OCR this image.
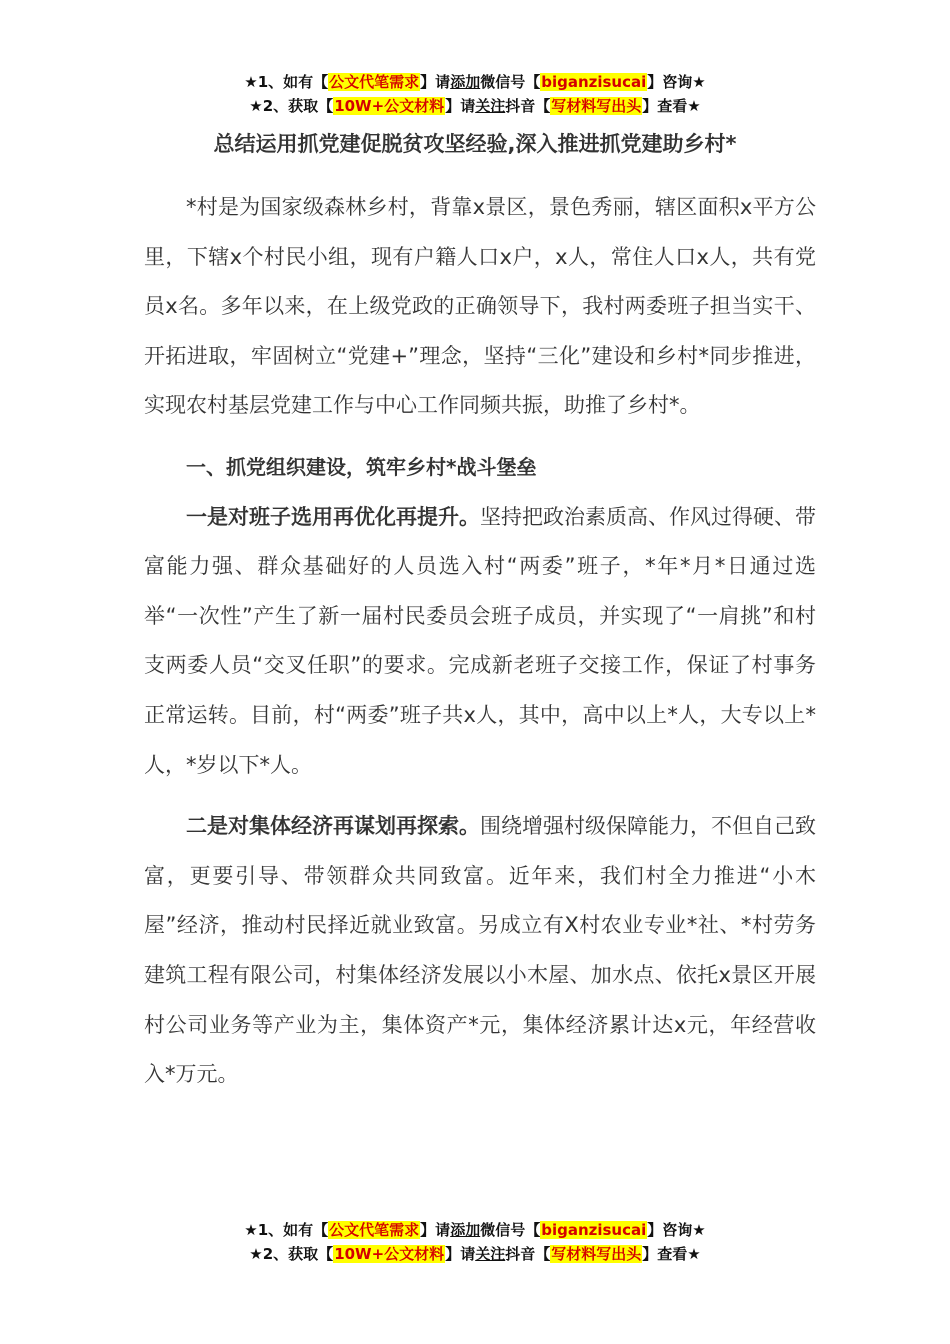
★1、如有【公文代笔需求】请添加微信号【biganzisucai】咨询★
★2、获取【10W+公文材料】请关注抖音【写材料写出头】查看★
总结运用抓党建促脱贫攻坚经验,深入推进抓党建助乡村*

*村是为国家级森林乡村，背靠x景区，景色秀丽，辖区面积x平方公里，下辖x个村民小组，现有户籍人口x户，x人，常住人口x人，共有党员x名。多年以来，在上级党政的正确领导下，我村两委班子担当实干、开拓进取，牢固树立“党建+”理念，坚持“三化”建设和乡村*同步推进，实现农村基层党建工作与中心工作同频共振，助推了乡村*。

一、抓党组织建设，筑牢乡村*战斗堡垒

一是对班子选用再优化再提升。坚持把政治素质高、作风过得硬、带富能力强、群众基础好的人员选入村“两委”班子，*年*月*日通过选举“一次性”产生了新一届村民委员会班子成员，并实现了“一肩挑”和村支两委人员“交叉任职”的要求。完成新老班子交接工作，保证了村事务正常运转。目前，村“两委”班子共x人，其中，高中以上*人，大专以上*人，*岁以下*人。

二是对集体经济再谋划再探索。围绕增强村级保障能力，不但自己致富，更要引导、带领群众共同致富。近年来，我们村全力推进“小木屋”经济，推动村民择近就业致富。另成立有X村农业专业*社、*村劳务建筑工程有限公司，村集体经济发展以小木屋、加水点、依托x景区开展村公司业务等产业为主，集体资产*元，集体经济累计达x元，年经营收入*万元。

★1、如有【公文代笔需求】请添加微信号【biganzisucai】咨询★
★2、获取【10W+公文材料】请关注抖音【写材料写出头】查看★
